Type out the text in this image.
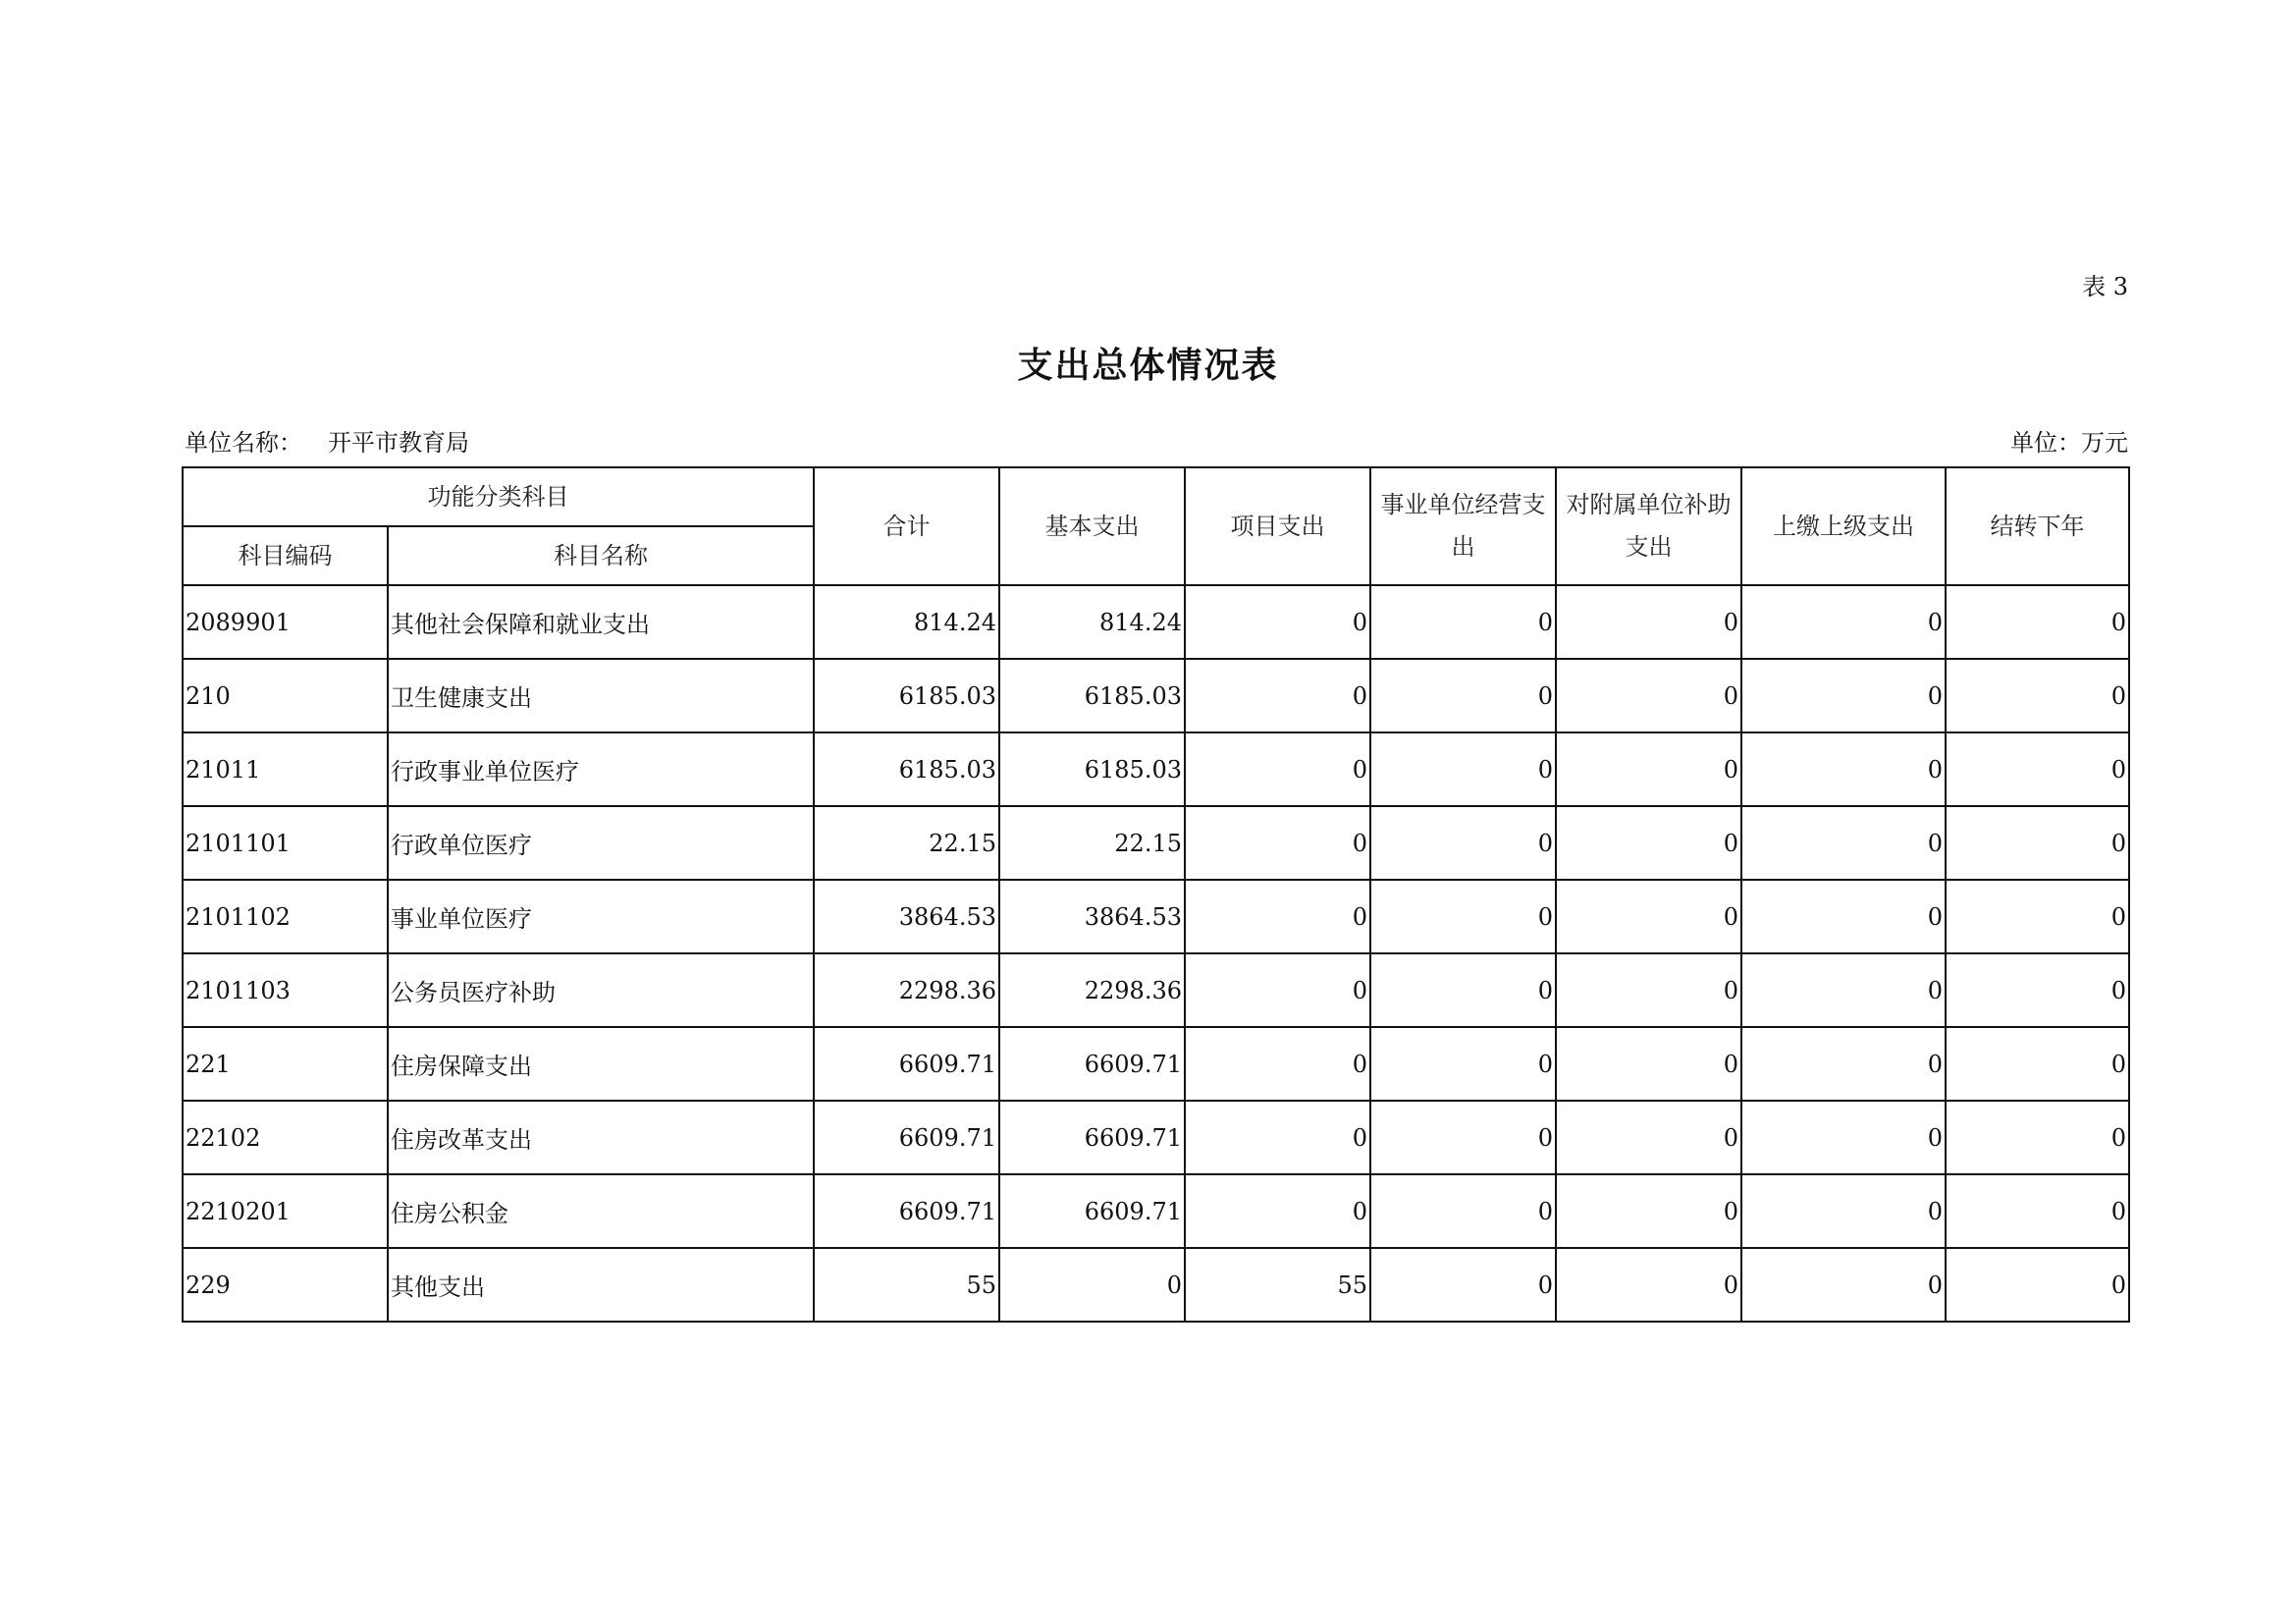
表 3
支出总体情况表
单位名称： 开平市教育局	单位：万元
功能分类科目		合计	基本支出	项目支出	事业单位经营支出	对附属单位补助支出	上缴上级支出	结转下年
科目编码	科目名称							
2089901	其他社会保障和就业支出	814.24	814.24	0	0	0	0	0
210	卫生健康支出	6185.03	6185.03	0	0	0	0	0
21011	行政事业单位医疗	6185.03	6185.03	0	0	0	0	0
2101101	行政单位医疗	22.15	22.15	0	0	0	0	0
2101102	事业单位医疗	3864.53	3864.53	0	0	0	0	0
2101103	公务员医疗补助	2298.36	2298.36	0	0	0	0	0
221	住房保障支出	6609.71	6609.71	0	0	0	0	0
22102	住房改革支出	6609.71	6609.71	0	0	0	0	0
2210201	住房公积金	6609.71	6609.71	0	0	0	0	0
229	其他支出	55	0	55	0	0	0	0
